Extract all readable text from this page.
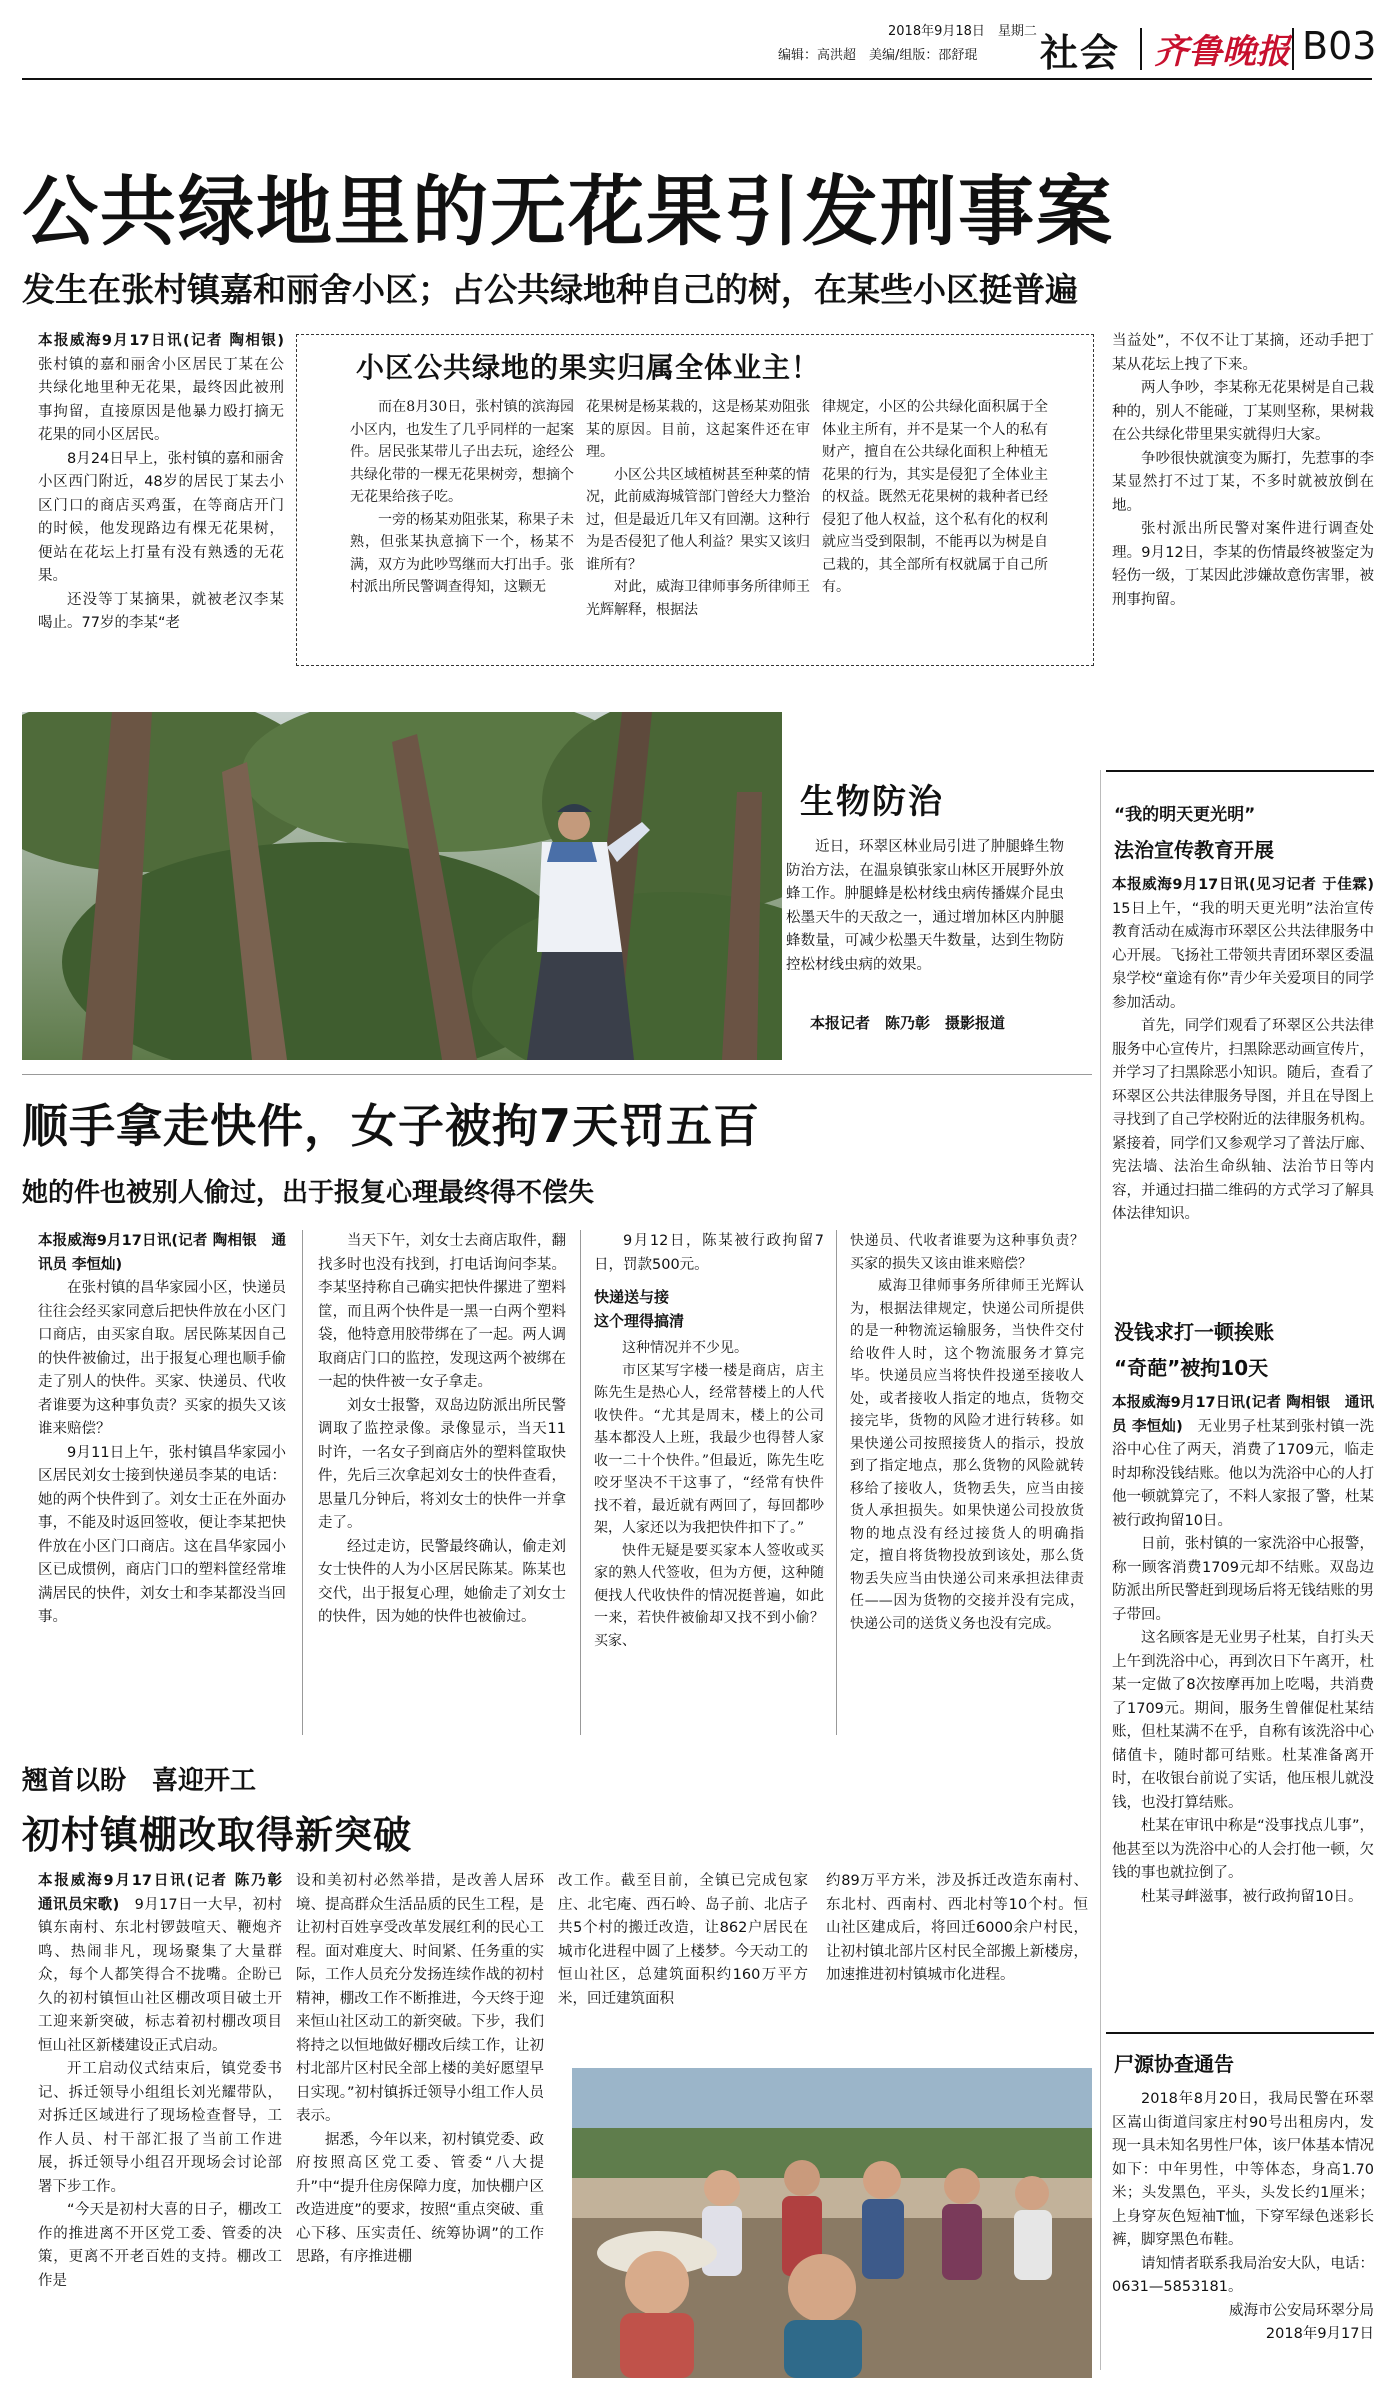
2018年9月18日　 星期二
编辑：高洪超　美编/组版：邵舒琨 社会 齐鲁晚报 B03
公共绿地里的无花果引发刑事案
发生在张村镇嘉和丽舍小区；占公共绿地种自己的树，在某些小区挺普遍

本报威海9月17日讯(记者 陶相银)　张村镇的嘉和丽舍小区居民丁某在公共绿化地里种无花果，最终因此被刑事拘留，直接原因是他暴力殴打摘无花果的同小区居民。

8月24日早上，张村镇的嘉和丽舍小区西门附近，48岁的居民丁某去小区门口的商店买鸡蛋，在等商店开门的时候，他发现路边有棵无花果树，便站在花坛上打量有没有熟透的无花果。

还没等丁某摘果，就被老汉李某喝止。77岁的李某“老

小区公共绿地的果实归属全体业主！

而在8月30日，张村镇的滨海园小区内，也发生了几乎同样的一起案件。居民张某带儿子出去玩，途经公共绿化带的一棵无花果树旁，想摘个无花果给孩子吃。

一旁的杨某劝阻张某，称果子未熟，但张某执意摘下一个，杨某不满，双方为此吵骂继而大打出手。张村派出所民警调查得知，这颗无

花果树是杨某栽的，这是杨某劝阻张某的原因。目前，这起案件还在审理。

小区公共区域植树甚至种菜的情况，此前威海城管部门曾经大力整治过，但是最近几年又有回潮。这种行为是否侵犯了他人利益？果实又该归谁所有？

对此，威海卫律师事务所律师王光辉解释，根据法

律规定，小区的公共绿化面积属于全体业主所有，并不是某一个人的私有财产，擅自在公共绿化面积上种植无花果的行为，其实是侵犯了全体业主的权益。既然无花果树的栽种者已经侵犯了他人权益，这个私有化的权利就应当受到限制，不能再以为树是自己栽的，其全部所有权就属于自己所有。

当益处”，不仅不让丁某摘，还动手把丁某从花坛上拽了下来。

两人争吵，李某称无花果树是自己栽种的，别人不能碰，丁某则坚称，果树栽在公共绿化带里果实就得归大家。

争吵很快就演变为厮打，先惹事的李某显然打不过丁某，不多时就被放倒在地。

张村派出所民警对案件进行调查处理。9月12日，李某的伤情最终被鉴定为轻伤一级，丁某因此涉嫌故意伤害罪，被刑事拘留。

生物防治

近日，环翠区林业局引进了肿腿蜂生物防治方法，在温泉镇张家山林区开展野外放蜂工作。肿腿蜂是松材线虫病传播媒介昆虫松墨天牛的天敌之一，通过增加林区内肿腿蜂数量，可减少松墨天牛数量，达到生物防控松材线虫病的效果。

本报记者　陈乃彰　摄影报道
“我的明天更光明”
法治宣传教育开展

本报威海9月17日讯(见习记者 于佳霖)　15日上午，“我的明天更光明”法治宣传教育活动在威海市环翠区公共法律服务中心开展。飞扬社工带领共青团环翠区委温泉学校“童途有你”青少年关爱项目的同学参加活动。

首先，同学们观看了环翠区公共法律服务中心宣传片，扫黑除恶动画宣传片，并学习了扫黑除恶小知识。随后，查看了环翠区公共法律服务导图，并且在导图上寻找到了自己学校附近的法律服务机构。紧接着，同学们又参观学习了普法厅廊、宪法墙、法治生命纵轴、法治节日等内容，并通过扫描二维码的方式学习了解具体法律知识。

没钱求打一顿挨账
“奇葩”被拘10天

本报威海9月17日讯(记者 陶相银　通讯员 李恒灿)　 无业男子杜某到张村镇一洗浴中心住了两天，消费了1709元，临走时却称没钱结账。他以为洗浴中心的人打他一顿就算完了，不料人家报了警，杜某被行政拘留10日。

日前，张村镇的一家洗浴中心报警，称一顾客消费1709元却不结账。双岛边防派出所民警赶到现场后将无钱结账的男子带回。

这名顾客是无业男子杜某，自打头天上午到洗浴中心，再到次日下午离开，杜某一定做了8次按摩再加上吃喝，共消费了1709元。期间，服务生曾催促杜某结账，但杜某满不在乎，自称有该洗浴中心储值卡，随时都可结账。杜某准备离开时，在收银台前说了实话，他压根儿就没钱，也没打算结账。

杜某在审讯中称是“没事找点儿事”，他甚至以为洗浴中心的人会打他一顿，欠钱的事也就拉倒了。

杜某寻衅滋事，被行政拘留10日。

尸源协查通告

2018年8月20日，我局民警在环翠区嵩山街道闫家庄村90号出租房内，发现一具未知名男性尸体，该尸体基本情况如下：中年男性，中等体态，身高1.70米；头发黑色，平头，头发长约1厘米；上身穿灰色短袖T恤，下穿军绿色迷彩长裤，脚穿黑色布鞋。

请知情者联系我局治安大队，电话：0631—5853181。

威海市公安局环翠分局

2018年9月17日

顺手拿走快件，女子被拘7天罚五百
她的件也被别人偷过，出于报复心理最终得不偿失

本报威海9月17日讯(记者 陶相银　通讯员 李恒灿)

在张村镇的昌华家园小区，快递员往往会经买家同意后把快件放在小区门口商店，由买家自取。居民陈某因自己的快件被偷过，出于报复心理也顺手偷走了别人的快件。买家、快递员、代收者谁要为这种事负责？买家的损失又该谁来赔偿？

9月11日上午，张村镇昌华家园小区居民刘女士接到快递员李某的电话：她的两个快件到了。刘女士正在外面办事，不能及时返回签收，便让李某把快件放在小区门口商店。这在昌华家园小区已成惯例，商店门口的塑料筐经常堆满居民的快件，刘女士和李某都没当回事。

当天下午，刘女士去商店取件，翻找多时也没有找到，打电话询问李某。李某坚持称自己确实把快件摞进了塑料筐，而且两个快件是一黑一白两个塑料袋，他特意用胶带绑在了一起。两人调取商店门口的监控，发现这两个被绑在一起的快件被一女子拿走。

刘女士报警，双岛边防派出所民警调取了监控录像。录像显示，当天11时许，一名女子到商店外的塑料筐取快件，先后三次拿起刘女士的快件查看，思量几分钟后，将刘女士的快件一并拿走了。

经过走访，民警最终确认，偷走刘女士快件的人为小区居民陈某。陈某也交代，出于报复心理，她偷走了刘女士的快件，因为她的快件也被偷过。

9月12日，陈某被行政拘留7日，罚款500元。

快递送与接
这个理得搞清

这种情况并不少见。

市区某写字楼一楼是商店，店主陈先生是热心人，经常替楼上的人代收快件。“尤其是周末，楼上的公司基本都没人上班，我最少也得替人家收一二十个快件。”但最近，陈先生吃咬牙坚决不干这事了，“经常有快件找不着，最近就有两回了，每回都吵架，人家还以为我把快件扣下了。”

快件无疑是要买家本人签收或买家的熟人代签收，但为方便，这种随便找人代收快件的情况挺普遍，如此一来，若快件被偷却又找不到小偷？买家、

快递员、代收者谁要为这种事负责？买家的损失又该由谁来赔偿？

威海卫律师事务所律师王光辉认为，根据法律规定，快递公司所提供的是一种物流运输服务，当快件交付给收件人时，这个物流服务才算完毕。快递员应当将快件投递至接收人处，或者接收人指定的地点，货物交接完毕，货物的风险才进行转移。如果快递公司按照接货人的指示，投放到了指定地点，那么货物的风险就转移给了接收人，货物丢失，应当由接货人承担损失。如果快递公司投放货物的地点没有经过接货人的明确指定，擅自将货物投放到该处，那么货物丢失应当由快递公司来承担法律责任——因为货物的交接并没有完成，快递公司的送货义务也没有完成。

翘首以盼　喜迎开工
初村镇棚改取得新突破

本报威海9月17日讯(记者 陈乃彰　通讯员宋歌)　 9月17日一大早，初村镇东南村、东北村锣鼓喧天、鞭炮齐鸣、热闹非凡，现场聚集了大量群众，每个人都笑得合不拢嘴。企盼已久的初村镇恒山社区棚改项目破土开工迎来新突破，标志着初村棚改项目恒山社区新楼建设正式启动。

开工启动仪式结束后，镇党委书记、拆迁领导小组组长刘光耀带队，对拆迁区域进行了现场检查督导，工作人员、村干部汇报了当前工作进展，拆迁领导小组召开现场会讨论部署下步工作。

“今天是初村大喜的日子，棚改工作的推进离不开区党工委、管委的决策，更离不开老百姓的支持。棚改工作是

设和美初村必然举措，是改善人居环境、提高群众生活品质的民生工程，是让初村百姓享受改革发展红利的民心工程。面对难度大、时间紧、任务重的实际，工作人员充分发扬连续作战的初村精神，棚改工作不断推进，今天终于迎来恒山社区动工的新突破。下步，我们将持之以恒地做好棚改后续工作，让初村北部片区村民全部上楼的美好愿望早日实现。”初村镇拆迁领导小组工作人员表示。

据悉，今年以来，初村镇党委、政府按照高区党工委、管委“八大提升”中“提升住房保障力度，加快棚户区改造进度”的要求，按照“重点突破、重心下移、压实责任、统筹协调”的工作思路，有序推进棚

改工作。截至目前，全镇已完成包家庄、北宅庵、西石岭、岛子前、北店子共5个村的搬迁改造，让862户居民在城市化进程中圆了上楼梦。今天动工的恒山社区，总建筑面积约160万平方米，回迁建筑面积

约89万平方米，涉及拆迁改造东南村、东北村、西南村、西北村等10个村。恒山社区建成后，将回迁6000余户村民，让初村镇北部片区村民全部搬上新楼房，加速推进初村镇城市化进程。
